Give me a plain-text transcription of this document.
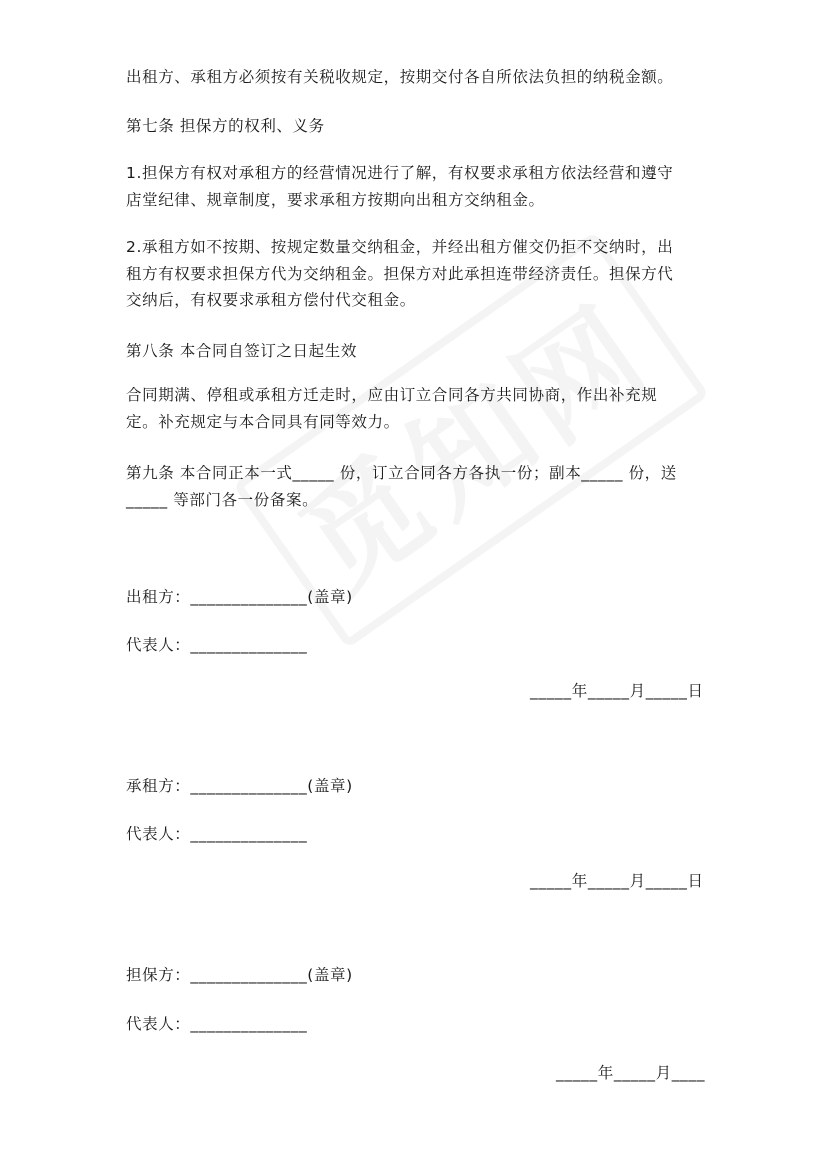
出租方、承租方必须按有关税收规定，按期交付各自所依法负担的纳税金额。
第七条 担保方的权利、义务
1.担保方有权对承租方的经营情况进行了解，有权要求承租方依法经营和遵守
店堂纪律、规章制度，要求承租方按期向出租方交纳租金。
2.承租方如不按期、按规定数量交纳租金，并经出租方催交仍拒不交纳时，出
租方有权要求担保方代为交纳租金。担保方对此承担连带经济责任。担保方代
交纳后，有权要求承租方偿付代交租金。
第八条 本合同自签订之日起生效
合同期满、停租或承租方迁走时，应由订立合同各方共同协商，作出补充规
定。补充规定与本合同具有同等效力。
第九条 本合同正本一式_____ 份，订立合同各方各执一份；副本_____ 份，送
_____ 等部门各一份备案。
出租方：______________(盖章)
代表人：______________
_____年_____月_____日
承租方：______________(盖章)
代表人：______________
_____年_____月_____日
担保方：______________(盖章)
代表人：______________
_____年_____月____
